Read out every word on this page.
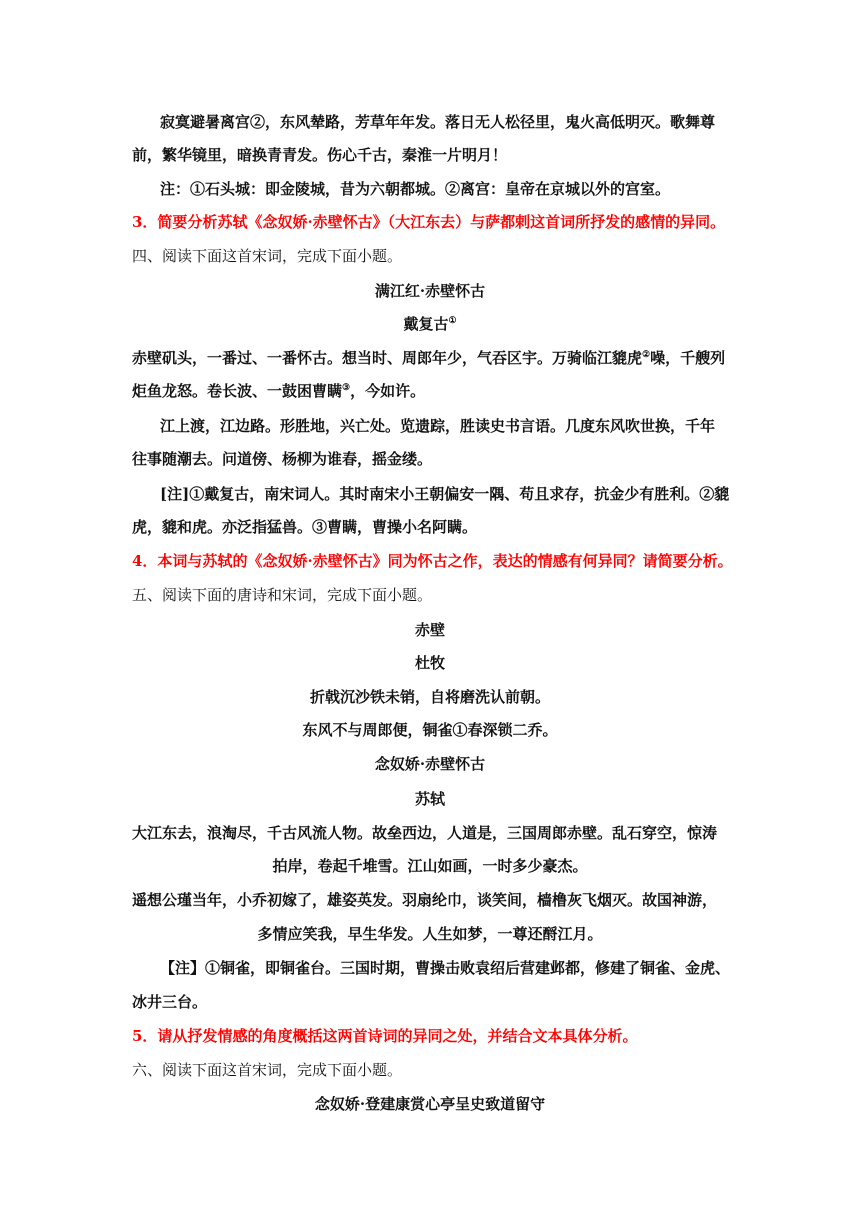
寂寞避暑离宫②，东风辇路，芳草年年发。落日无人松径里，鬼火高低明灭。歌舞尊
前，繁华镜里，暗换青青发。伤心千古，秦淮一片明月！
注：①石头城：即金陵城，昔为六朝都城。②离宫：皇帝在京城以外的宫室。
3．简要分析苏轼《念奴娇·赤壁怀古》（大江东去）与萨都剌这首词所抒发的感情的异同。
四、阅读下面这首宋词，完成下面小题。
满江红·赤壁怀古
戴复古①
赤壁矶头，一番过、一番怀古。想当时、周郎年少，气吞区宇。万骑临江貔虎②噪，千艘列
炬鱼龙怒。卷长波、一鼓困曹瞒③，今如许。
江上渡，江边路。形胜地，兴亡处。览遗踪，胜读史书言语。几度东风吹世换，千年
往事随潮去。问道傍、杨柳为谁春，摇金缕。
[注]①戴复古，南宋词人。其时南宋小王朝偏安一隅、苟且求存，抗金少有胜利。②貔
虎，貔和虎。亦泛指猛兽。③曹瞒，曹操小名阿瞒。
4．本词与苏轼的《念奴娇·赤壁怀古》同为怀古之作，表达的情感有何异同？请简要分析。
五、阅读下面的唐诗和宋词，完成下面小题。
赤壁
杜牧
折戟沉沙铁未销，自将磨洗认前朝。
东风不与周郎便，铜雀①春深锁二乔。
念奴娇·赤壁怀古
苏轼
大江东去，浪淘尽，千古风流人物。故垒西边，人道是，三国周郎赤壁。乱石穿空，惊涛
拍岸，卷起千堆雪。江山如画，一时多少豪杰。
遥想公瑾当年，小乔初嫁了，雄姿英发。羽扇纶巾，谈笑间，樯橹灰飞烟灭。故国神游，
多情应笑我，早生华发。人生如梦，一尊还酹江月。
【注】①铜雀，即铜雀台。三国时期，曹操击败袁绍后营建邺都，修建了铜雀、金虎、
冰井三台。
5．请从抒发情感的角度概括这两首诗词的异同之处，并结合文本具体分析。
六、阅读下面这首宋词，完成下面小题。
念奴娇·登建康赏心亭呈史致道留守
